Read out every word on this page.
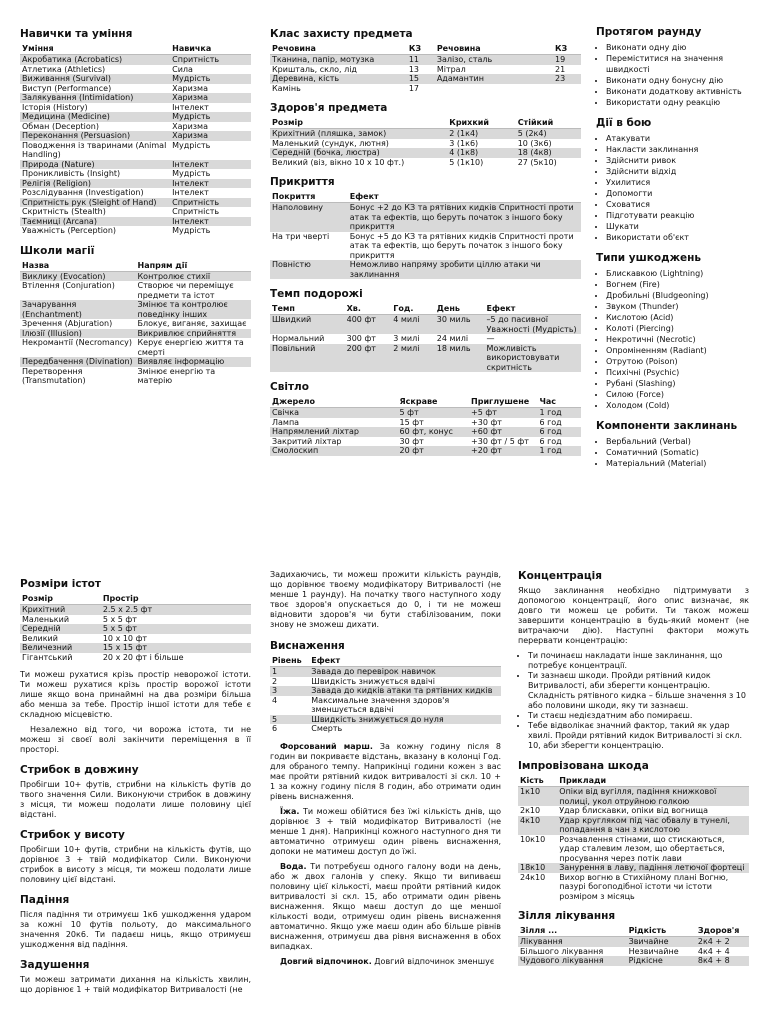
Навички та уміння
Уміння	Навичка
Акробатика (Acrobatics)	Спритність
Атлетика (Athletics)	Сила
Виживання (Survival)	Мудрість
Виступ (Performance)	Харизма
Залякування (Intimidation)	Харизма
Історія (History)	Інтелект
Медицина (Medicine)	Мудрість
Обман (Deception)	Харизма
Переконання (Persuasion)	Харизма
Поводження із тваринами (Animal Handling)	Мудрість
Природа (Nature)	Інтелект
Проникливість (Insight)	Мудрість
Релігія (Religion)	Інтелект
Розслідування (Investigation)	Інтелект
Спритність рук (Sleight of Hand)	Спритність
Скритність (Stealth)	Спритність
Таємниці (Arcana)	Інтелект
Уважність (Perception)	Мудрість
Школи магії
Назва	Напрям дії
Виклику (Evocation)	Контролює стихії
Втілення (Conjuration)	Створює чи переміщує предмети та істот
Зачарування (Enchantment)	Змінює та контролює поведінку інших
Зречення (Abjuration)	Блокує, виганяє, захищає
Ілюзії (Illusion)	Викривлює сприйняття
Некромантії (Necromancy)	Керує енергією життя та смерті
Передбачення (Divination)	Виявляє інформацію
Перетворення (Transmutation)	Змінює енергію та матерію
Клас захисту предмета
Речовина	КЗ	Речовина	КЗ
Тканина, папір, мотузка	11	Залізо, сталь	19
Кришталь, скло, лід	13	Мітрал	21
Деревина, кість	15	Адамантин	23
Камінь	17		
Здоров'я предмета
Розмір	Крихкий	Стійкий
Крихітний (пляшка, замок)	2 (1к4)	5 (2к4)
Маленький (сундук, лютня)	3 (1к6)	10 (3к6)
Середній (бочка, люстра)	4 (1к8)	18 (4к8)
Великий (віз, вікно 10 x 10 фт.)	5 (1к10)	27 (5к10)
Прикриття
Покриття	Ефект
Наполовину	Бонус +2 до КЗ та рятівних кидків Спритності проти атак та ефектів, що беруть початок з іншого боку прикриття
На три чверті	Бонус +5 до КЗ та рятівних кидків Спритності проти атак та ефектів, що беруть початок з іншого боку прикриття
Повністю	Неможливо напряму зробити ціллю атаки чи заклинання
Темп подорожі
Темп	Хв.	Год.	День	Ефект
Швидкий	400 фт	4 милі	30 миль	–5 до пасивної Уважності (Мудрість)
Нормальний	300 фт	3 милі	24 милі	—
Повільний	200 фт	2 милі	18 миль	Можливість використовувати скритність
Світло
Джерело	Яскраве	Приглушене	Час
Свічка	5 фт	+5 фт	1 год
Лампа	15 фт	+30 фт	6 год
Напрямлений ліхтар	60 фт, конус	+60 фт	6 год
Закритий ліхтар	30 фт	+30 фт / 5 фт	6 год
Смолоскип	20 фт	+20 фт	1 год
Протягом раунду
• Виконати одну дію
• Переміститися на значення швидкості
• Виконати одну бонусну дію
• Виконати додаткову активність
• Використати одну реакцію
Дії в бою
• Атакувати
• Накласти заклинання
• Здійснити ривок
• Здійснити відхід
• Ухилитися
• Допомогти
• Сховатися
• Підготувати реакцію
• Шукати
• Використати об'єкт
Типи ушкоджень
• Блискавкою (Lightning)
• Вогнем (Fire)
• Дробильні (Bludgeoning)
• Звуком (Thunder)
• Кислотою (Acid)
• Колоті (Piercing)
• Некротичні (Necrotic)
• Опроміненням (Radiant)
• Отрутою (Poison)
• Психічні (Psychic)
• Рубані (Slashing)
• Силою (Force)
• Холодом (Cold)
Компоненти заклинань
• Вербальний (Verbal)
• Соматичний (Somatic)
• Матеріальний (Material)
Розміри істот
Розмір	Простір
Крихітний	2.5 x 2.5 фт
Маленький	5 x 5 фт
Середній	5 x 5 фт
Великий	10 x 10 фт
Величезний	15 x 15 фт
Гігантський	20 x 20 фт і більше

Ти можеш рухатися крізь простір неворожої істоти. Ти можеш рухатися крізь простір ворожої істоти лише якщо вона принаймні на два розміри більша або менша за тебе. Простір іншої істоти для тебе є складною місцевістю.

Незалежно від того, чи ворожа істота, ти не можеш зі своєї волі закінчити переміщення в її просторі.

Стрибок в довжину

Пробігши 10+ футів, стрибни на кількість футів до твого значення Сили. Виконуючи стрибок в довжину з місця, ти можеш подолати лише половину цієї відстані.

Стрибок у висоту

Пробігши 10+ футів, стрибни на кількість футів, що дорівнює 3 + твій модифікатор Сили. Виконуючи стрибок в висоту з місця, ти можеш подолати лише половину цієї відстані.

Падіння

Після падіння ти отримуєш 1к6 ушкодження ударом за кожні 10 футів польоту, до максимального значення 20к6. Ти падаєш ниць, якщо отримуєш ушкодження від падіння.

Задушення

Ти можеш затримати дихання на кількість хвилин, що дорівнює 1 + твій модифікатор Витривалості (не

Задихаючись, ти можеш прожити кількість раундів, що дорівнює твоєму модифікатору Витривалості (не менше 1 раунду). На початку твого наступного ходу твоє здоров'я опускається до 0, і ти не можеш відновити здоров'я чи бути стабілізованим, поки знову не зможеш дихати.

Виснаження
Рівень	Ефект
1	Завада до перевірок навичок
2	Швидкість знижується вдвічі
3	Завада до кидків атаки та рятівних кидків
4	Максимальне значення здоров'я зменшується вдвічі
5	Швидкість знижується до нуля
6	Смерть

Форсований марш. За кожну годину після 8 годин ви покриваєте відстань, вказану в колонці Год. для обраного темпу. Наприкінці години кожен з вас має пройти рятівний кидок витривалості зі скл. 10 + 1 за кожну годину після 8 годин, або отримати один рівень виснаження.

Їжа. Ти можеш обійтися без їжі кількість днів, що дорівнює 3 + твій модифікатор Витривалості (не менше 1 дня). Наприкінці кожного наступного дня ти автоматично отримуєш один рівень виснаження, допоки не матимеш доступ до їжі.

Вода. Ти потребуєш одного галону води на день, або ж двох галонів у спеку. Якщо ти випиваєш половину цієї кількості, маєш пройти рятівний кидок витривалості зі скл. 15, або отримати один рівень виснаження. Якщо маєш доступ до ще меншої кількості води, отримуєш один рівень виснаження автоматично. Якщо уже маєш один або більше рівнів виснаження, отримуєш два рівня виснаження в обох випадках.

Довгий відпочинок. Довгий відпочинок зменшує

Концентрація

Якщо заклинання необхідно підтримувати з допомогою концентрації, його опис визначає, як довго ти можеш це робити. Ти також можеш завершити концентрацію в будь-який момент (не витрачаючи дію). Наступні фактори можуть перервати концентрацію:

• Ти починаєш накладати інше заклинання, що потребує концентрації.
• Ти зазнаєш шкоди. Пройди рятівний кидок Витривалості, аби зберегти концентрацію. Складність рятівного кидка – більше значення з 10 або половини шкоди, яку ти зазнаєш.
• Ти стаєш недієздатним або помираєш.
• Тебе відволікає значний фактор, такий як удар хвилі. Пройди рятівний кидок Витривалості зі скл. 10, аби зберегти концентрацію.
Імпровізована шкода
Кість	Приклади
1к10	Опіки від вугілля, падіння книжкової полиці, укол отруйною голкою
2к10	Удар блискавки, опіки від вогнища
4к10	Удар кругляком під час обвалу в тунелі, попадання в чан з кислотою
10к10	Розчавлення стінами, що стискаються, удар сталевим лезом, що обертається, просування через потік лави
18к10	Занурення в лаву, падіння летючої фортеці
24к10	Вихор вогню в Стихійному плані Вогню, пазурі богоподібної істоти чи істоти розміром з місяць
Зілля лікування
Зілля ...	Рідкість	Здоров'я
Лікування	Звичайне	2к4 + 2
Більшого лікування	Незвичайне	4к4 + 4
Чудового лікування	Рідкісне	8к4 + 8
